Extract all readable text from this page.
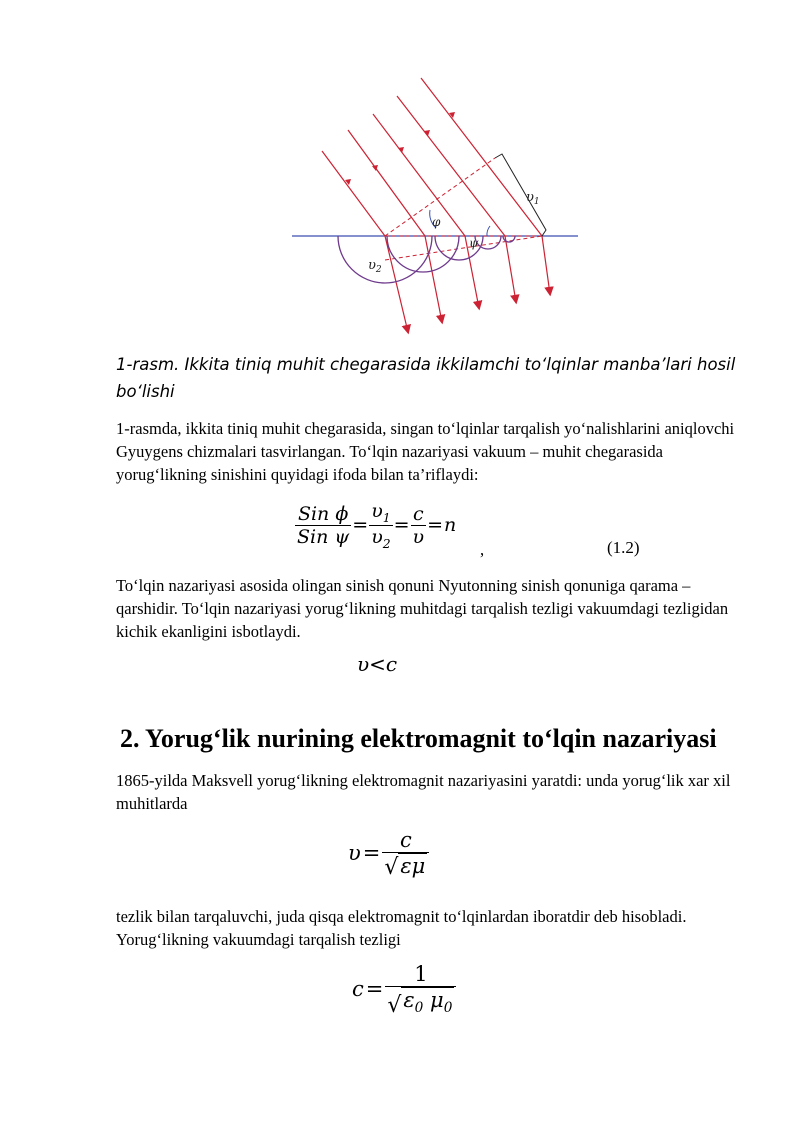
φ
ψ
$\upsilon_1$
$\upsilon_2$
1-rasm. Ikkita tiniq muhit chegarasida ikkilamchi to‘lqinlar manba’lari hosil bo‘lishi
1-rasmda, ikkita tiniq muhit chegarasida, singan to‘lqinlar tarqalish yo‘nalishlarini aniqlovchi Gyuygens chizmalari tasvirlangan. To‘lqin nazariyasi vakuum – muhit chegarasida yorug‘likning sinishini quyidagi ifoda bilan ta’riflaydi:
$\frac{\text{Sin ϕ}}{\text{Sin ψ}} = \frac{\upsilon_1}{\upsilon_2} = \frac{c}{\upsilon} = n$
,	(1.2)
To‘lqin nazariyasi asosida olingan sinish qonuni Nyutonning sinish qonuniga qarama – qarshidir. To‘lqin nazariyasi yorug‘likning muhitdagi tarqalish tezligi vakuumdagi tezligidan kichik ekanligini isbotlaydi.
υ<c
2. Yorug‘lik nurining elektromagnit to‘lqin nazariyasi
1865-yilda Maksvell yorug‘likning elektromagnit nazariyasini yaratdi: unda yorug‘lik xar xil muhitlarda
$\upsilon = \frac{c}{√ \varepsilon\mu}$
tezlik bilan tarqaluvchi, juda qisqa elektromagnit to‘lqinlardan iboratdir deb hisobladi. Yorug‘likning vakuumdagi tarqalish tezligi
$c = \frac{1}{√ \varepsilon_0 \mu_0}$
